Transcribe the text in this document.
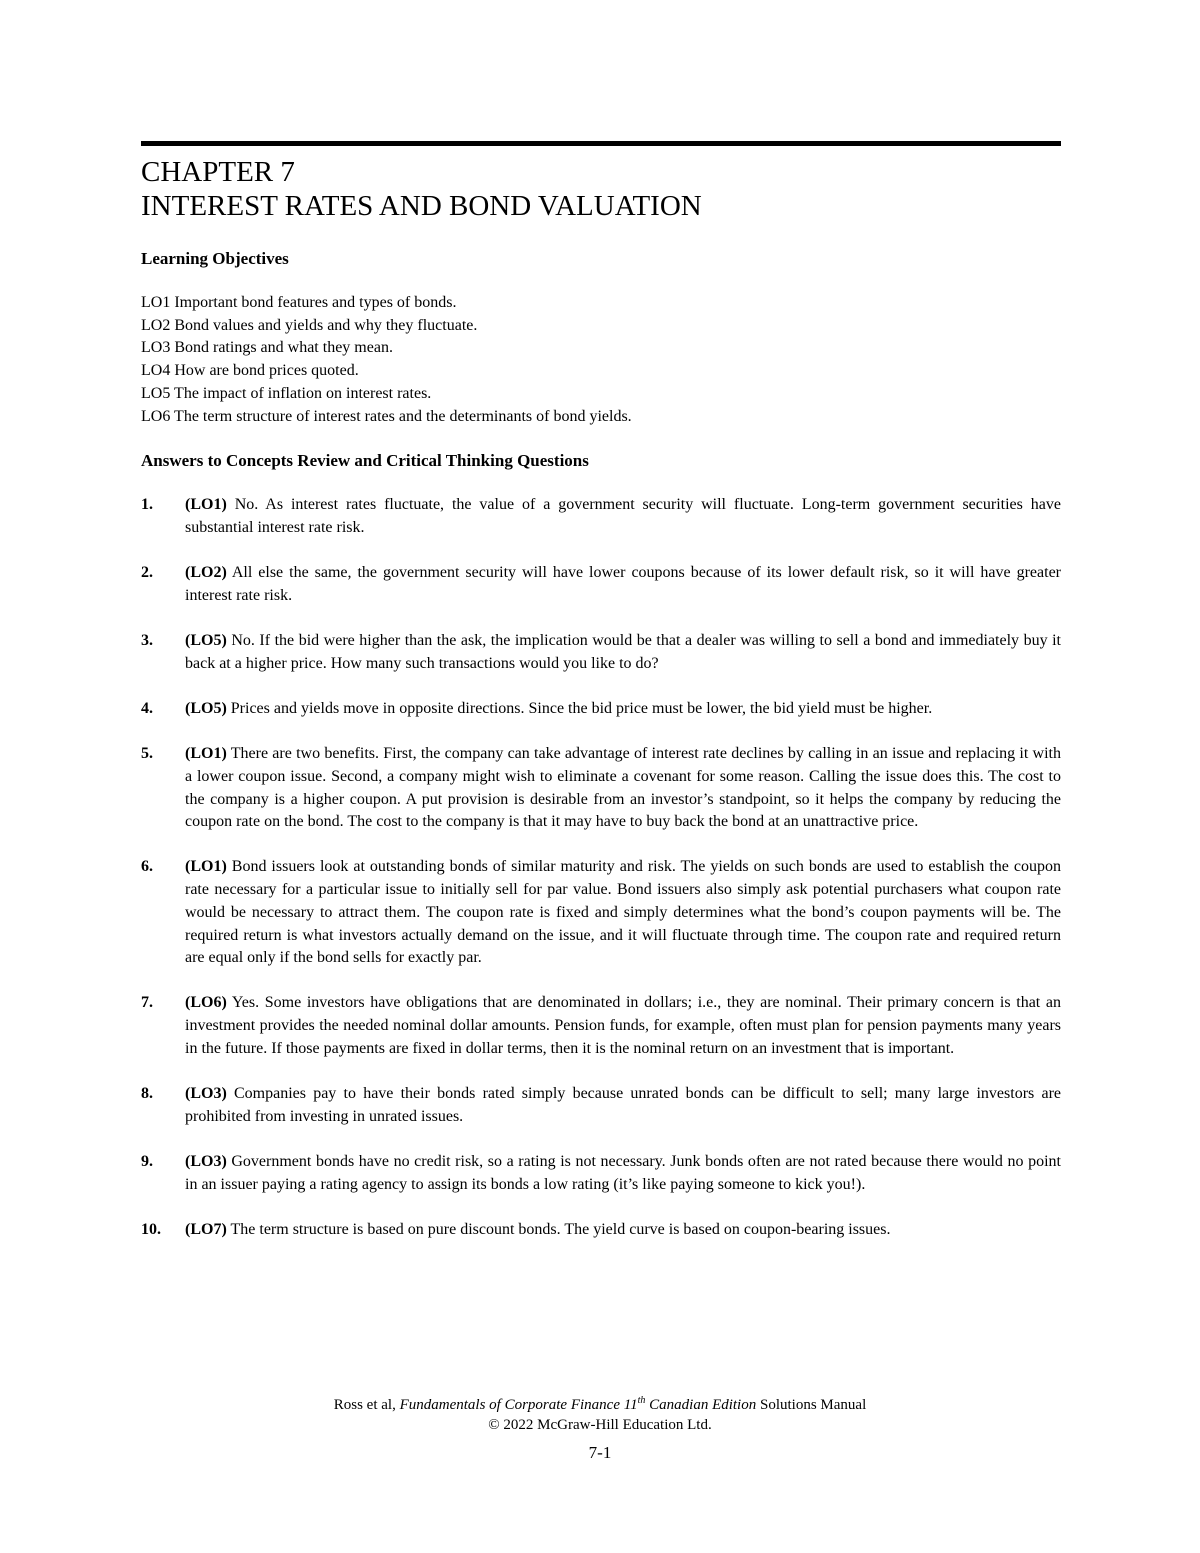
CHAPTER 7
INTEREST RATES AND BOND VALUATION
Learning Objectives
LO1 Important bond features and types of bonds.
LO2 Bond values and yields and why they fluctuate.
LO3 Bond ratings and what they mean.
LO4 How are bond prices quoted.
LO5 The impact of inflation on interest rates.
LO6 The term structure of interest rates and the determinants of bond yields.
Answers to Concepts Review and Critical Thinking Questions
1.	(LO1) No. As interest rates fluctuate, the value of a government security will fluctuate. Long-term government securities have substantial interest rate risk.
2.	(LO2) All else the same, the government security will have lower coupons because of its lower default risk, so it will have greater interest rate risk.
3.	(LO5) No. If the bid were higher than the ask, the implication would be that a dealer was willing to sell a bond and immediately buy it back at a higher price. How many such transactions would you like to do?
4.	(LO5) Prices and yields move in opposite directions. Since the bid price must be lower, the bid yield must be higher.
5.	(LO1) There are two benefits. First, the company can take advantage of interest rate declines by calling in an issue and replacing it with a lower coupon issue. Second, a company might wish to eliminate a covenant for some reason. Calling the issue does this. The cost to the company is a higher coupon. A put provision is desirable from an investor’s standpoint, so it helps the company by reducing the coupon rate on the bond. The cost to the company is that it may have to buy back the bond at an unattractive price.
6.	(LO1) Bond issuers look at outstanding bonds of similar maturity and risk. The yields on such bonds are used to establish the coupon rate necessary for a particular issue to initially sell for par value. Bond issuers also simply ask potential purchasers what coupon rate would be necessary to attract them. The coupon rate is fixed and simply determines what the bond’s coupon payments will be. The required return is what investors actually demand on the issue, and it will fluctuate through time. The coupon rate and required return are equal only if the bond sells for exactly par.
7.	(LO6) Yes. Some investors have obligations that are denominated in dollars; i.e., they are nominal. Their primary concern is that an investment provides the needed nominal dollar amounts. Pension funds, for example, often must plan for pension payments many years in the future. If those payments are fixed in dollar terms, then it is the nominal return on an investment that is important.
8.	(LO3) Companies pay to have their bonds rated simply because unrated bonds can be difficult to sell; many large investors are prohibited from investing in unrated issues.
9.	(LO3) Government bonds have no credit risk, so a rating is not necessary. Junk bonds often are not rated because there would no point in an issuer paying a rating agency to assign its bonds a low rating (it’s like paying someone to kick you!).
10.	(LO7) The term structure is based on pure discount bonds. The yield curve is based on coupon-bearing issues.
Ross et al, Fundamentals of Corporate Finance 11th Canadian Edition Solutions Manual
© 2022 McGraw-Hill Education Ltd.
7-1
